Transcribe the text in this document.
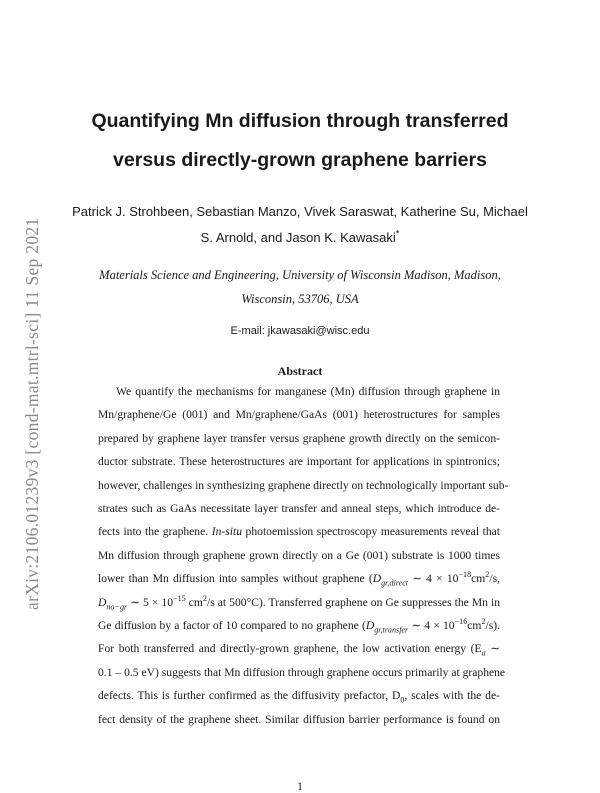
arXiv:2106.01239v3 [cond-mat.mtrl-sci] 11 Sep 2021
Quantifying Mn diffusion through transferred
versus directly-grown graphene barriers

Patrick J. Strohbeen, Sebastian Manzo, Vivek Saraswat, Katherine Su, Michael

S. Arnold, and Jason K. Kawasaki*

Materials Science and Engineering, University of Wisconsin Madison, Madison,

Wisconsin, 53706, USA

E-mail: jkawasaki@wisc.edu

Abstract
We quantify the mechanisms for manganese (Mn) diffusion through graphene in
Mn/graphene/Ge (001) and Mn/graphene/GaAs (001) heterostructures for samples
prepared by graphene layer transfer versus graphene growth directly on the semicon-
ductor substrate. These heterostructures are important for applications in spintronics;
however, challenges in synthesizing graphene directly on technologically important sub-
strates such as GaAs necessitate layer transfer and anneal steps, which introduce de-
fects into the graphene. In-situ photoemission spectroscopy measurements reveal that
Mn diffusion through graphene grown directly on a Ge (001) substrate is 1000 times
lower than Mn diffusion into samples without graphene ($D_{gr,direct}$ ∼ $4 \times 10^{-18}cm^2/s$,
$D_{no-gr}$ ∼ $5 \times 10^{-15}$ $cm^2/s$ at 500°C). Transferred graphene on Ge suppresses the Mn in
Ge diffusion by a factor of 10 compared to no graphene ($D_{gr,transfer}$ ∼ $4 \times 10^{-16}cm^2/s$).
For both transferred and directly-grown graphene, the low activation energy ($E_a$ ∼
0.1 – 0.5 eV) suggests that Mn diffusion through graphene occurs primarily at graphene
defects. This is further confirmed as the diffusivity prefactor, $D_0$, scales with the de-
fect density of the graphene sheet. Similar diffusion barrier performance is found on
1
